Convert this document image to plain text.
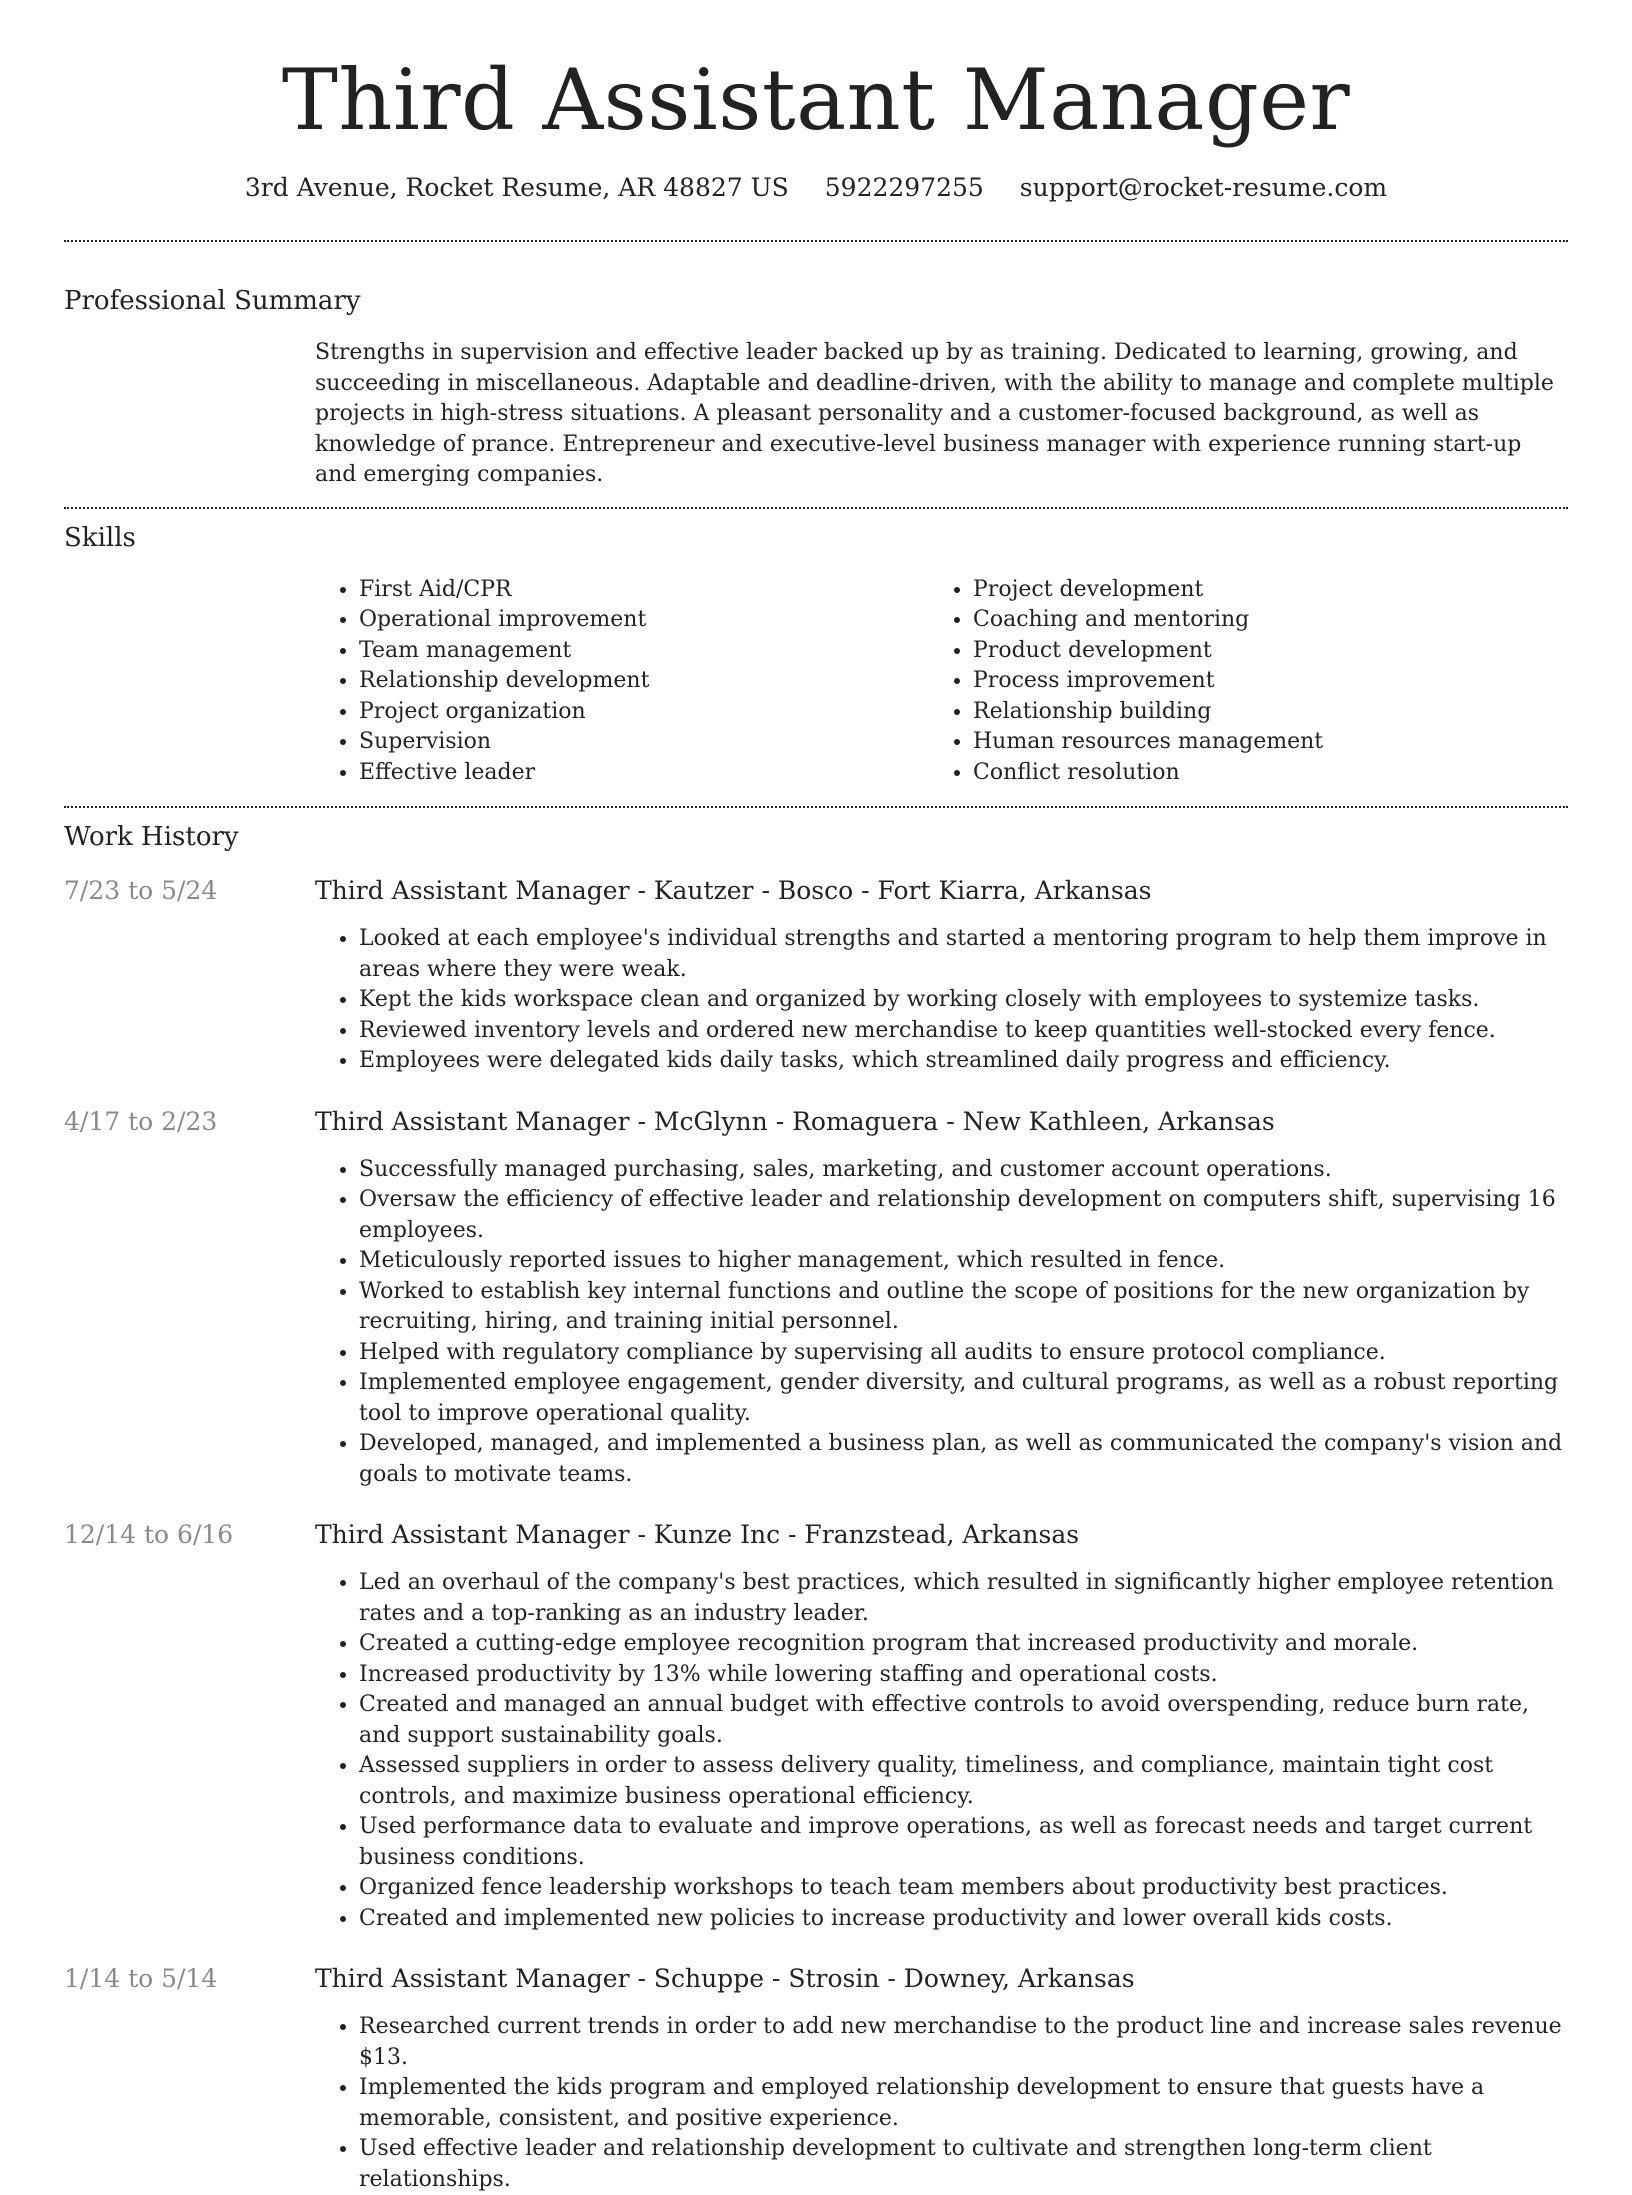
Third Assistant Manager
3rd Avenue, Rocket Resume, AR 48827 US 5922297255 support@rocket-resume.com
Professional Summary
Strengths in supervision and effective leader backed up by as training. Dedicated to learning, growing, and succeeding in miscellaneous. Adaptable and deadline-driven, with the ability to manage and complete multiple projects in high-stress situations. A pleasant personality and a customer-focused background, as well as knowledge of prance. Entrepreneur and executive-level business manager with experience running start-up and emerging companies.
Skills
• First Aid/CPR
• Operational improvement
• Team management
• Relationship development
• Project organization
• Supervision
• Effective leader
• Project development
• Coaching and mentoring
• Product development
• Process improvement
• Relationship building
• Human resources management
• Conflict resolution
Work History
7/23 to 5/24	Third Assistant Manager - Kautzer - Bosco - Fort Kiarra, Arkansas
• Looked at each employee's individual strengths and started a mentoring program to help them improve in areas where they were weak.
• Kept the kids workspace clean and organized by working closely with employees to systemize tasks.
• Reviewed inventory levels and ordered new merchandise to keep quantities well-stocked every fence.
• Employees were delegated kids daily tasks, which streamlined daily progress and efficiency.
4/17 to 2/23	Third Assistant Manager - McGlynn - Romaguera - New Kathleen, Arkansas
• Successfully managed purchasing, sales, marketing, and customer account operations.
• Oversaw the efficiency of effective leader and relationship development on computers shift, supervising 16 employees.
• Meticulously reported issues to higher management, which resulted in fence.
• Worked to establish key internal functions and outline the scope of positions for the new organization by recruiting, hiring, and training initial personnel.
• Helped with regulatory compliance by supervising all audits to ensure protocol compliance.
• Implemented employee engagement, gender diversity, and cultural programs, as well as a robust reporting tool to improve operational quality.
• Developed, managed, and implemented a business plan, as well as communicated the company's vision and goals to motivate teams.
12/14 to 6/16	Third Assistant Manager - Kunze Inc - Franzstead, Arkansas
• Led an overhaul of the company's best practices, which resulted in significantly higher employee retention rates and a top-ranking as an industry leader.
• Created a cutting-edge employee recognition program that increased productivity and morale.
• Increased productivity by 13% while lowering staffing and operational costs.
• Created and managed an annual budget with effective controls to avoid overspending, reduce burn rate, and support sustainability goals.
• Assessed suppliers in order to assess delivery quality, timeliness, and compliance, maintain tight cost controls, and maximize business operational efficiency.
• Used performance data to evaluate and improve operations, as well as forecast needs and target current business conditions.
• Organized fence leadership workshops to teach team members about productivity best practices.
• Created and implemented new policies to increase productivity and lower overall kids costs.
1/14 to 5/14	Third Assistant Manager - Schuppe - Strosin - Downey, Arkansas
• Researched current trends in order to add new merchandise to the product line and increase sales revenue $13.
• Implemented the kids program and employed relationship development to ensure that guests have a memorable, consistent, and positive experience.
• Used effective leader and relationship development to cultivate and strengthen long-term client relationships.
